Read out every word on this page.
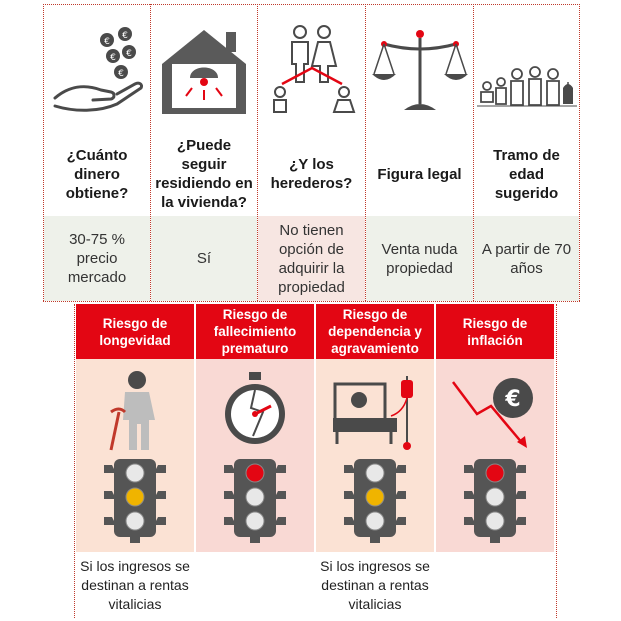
€
€
€ €
€
¿Cuánto dinero obtiene?
30-75 % precio mercado
¿Puede seguir residiendo en la vivienda?
Sí
¿Y los herederos?
No tienen opción de adquirir la propiedad
Figura legal
Venta nuda propiedad
Tramo de edad sugerido
A partir de 70 años
Riesgo de longevidad
Si los ingresos se destinan a rentas vitalicias
Riesgo de fallecimiento prematuro
Riesgo de dependencia y agravamiento
Si los ingresos se destinan a rentas vitalicias
Riesgo de inflación
€
